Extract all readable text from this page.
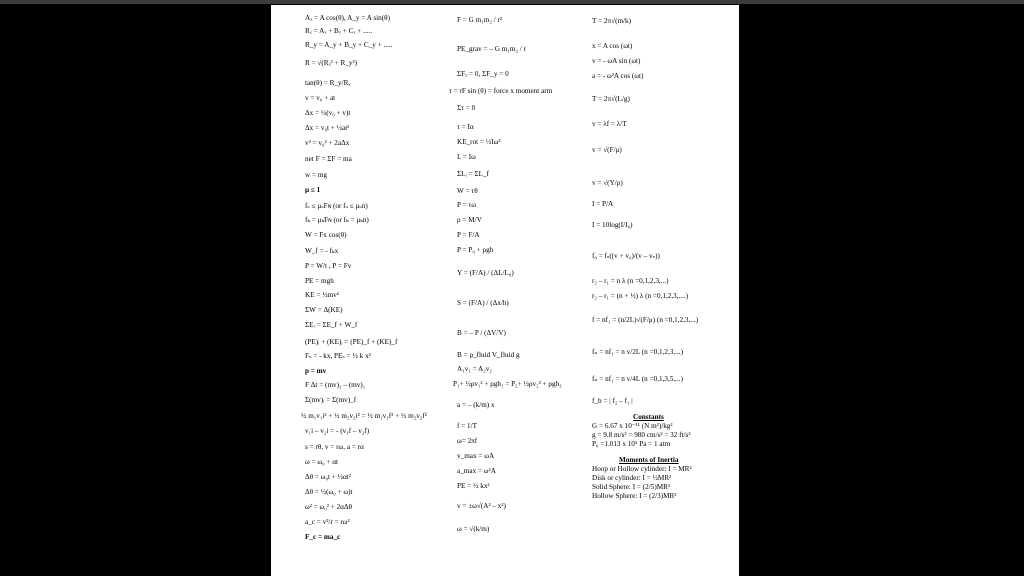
Aₓ = A cos(θ), A_y = A sin(θ)
Rₓ = Aₓ + Bₓ + Cₓ + .....
R_y = A_y + B_y + C_y + .....
R = √(Rₓ² + R_y²)
tan(θ) = R_y/Rₓ
v = v₀ + at
Δx = ½(v₀ + v)t
Δx = v₀t + ½at²
v² = v₀² + 2aΔx
net F = ΣF = ma
w = mg
μ ≤ 1
fₛ ≤ μₛFɴ (or fₛ ≤ μₛn)
fₖ = μₖFɴ (or fₖ = μₖn)
W = Fx cos(θ)
W_f = - fₖx
P = W/t , P = Fv
PE = mgh
KE = ½mv²
ΣW = Δ(KE)
ΣEᵢ = ΣE_f + W_f
(PE)ᵢ + (KE)ᵢ = (PE)_f + (KE)_f
Fₛ = - kx, PEₛ = ½ k x²
p = mv
F Δt = (mv)₂ – (mv)₁
Σ(mv)ᵢ = Σ(mv)_f
½ m₁v₁i² + ½ m₂v₂i² = ½ m₁v₁f² + ½ m₂v₂f²
v₁i – v₂i = - (v₁f – v₂f)
s = rθ, v = rω, a = rα
ω = ω₀ + αt
Δθ = ω₀t + ½αt²
Δθ = ½(ω₀ + ω)t
ω² = ω₀² + 2αΔθ
a_c = v²/r = rω²
F_c = ma_c
F = G m₁m₂ / r²
PE_grav = – G m₁m₂ / r
ΣFₓ = 0, ΣF_y = 0
τ = rF sin (θ) = force x moment arm
Στ = 0
τ = Iα
KE_rot = ½Iω²
L = Iω
ΣLᵢ = ΣL_f
W = τθ
P = τω
ρ = M/V
P = F/A
P = P₀ + ρgh
Y = (F/A) / (ΔL/L₀)
S = (F/A) / (Δx/h)
B = – P / (ΔV/V)
B = ρ_fluid V_fluid g
A₁v₁ = A₂v₂
P₁+ ½ρv₁² + ρgh₁ = P₂+ ½ρv₂² + ρgh₂
a = – (k/m) x
f = 1/T
ω= 2πf
v_max = ωA
a_max = ω²A
PE = ½ kx²
v = ±ω√(A² – x²)
ω = √(k/m)
T = 2π√(m/k)
x = A cos (ωt)
v = - ωA sin (ωt)
a = - ω²A cos (ωt)
T = 2π√(L/g)
v = λf = λ/T
v = √(F/μ)
v = √(Y/ρ)
I = P/A
I = 10log(I/I₀)
f₀ = fₛ((v + v₀)/(v – vₛ))
r₂ – r₁ = n λ (n =0,1,2,3,...)
r₂ – r₁ = (n + ½) λ (n =0,1,2,3,....)
f = nf₁ = (n/2L)√(F/μ) (n =0,1,2,3,...)
fₙ = nf₁ = n v/2L (n =0,1,2,3,...)
fₙ = nf₁ = n v/4L (n =0,1,3,5,...)
f_b = | f₂ – f₁ |
Constants
G = 6.67 x 10⁻¹¹ (N m²)/kg²
g = 9.8 m/s² = 980 cm/s² = 32 ft/s²
P₀ =1.013 x 10⁵ Pa = 1 atm
Moments of Inertia
Hoop or Hollow cylinder: I = MR²
Disk or cylinder: I = ½MR²
Solid Sphere: I = (2/5)MR²
Hollow Sphere: I = (2/3)MR²
